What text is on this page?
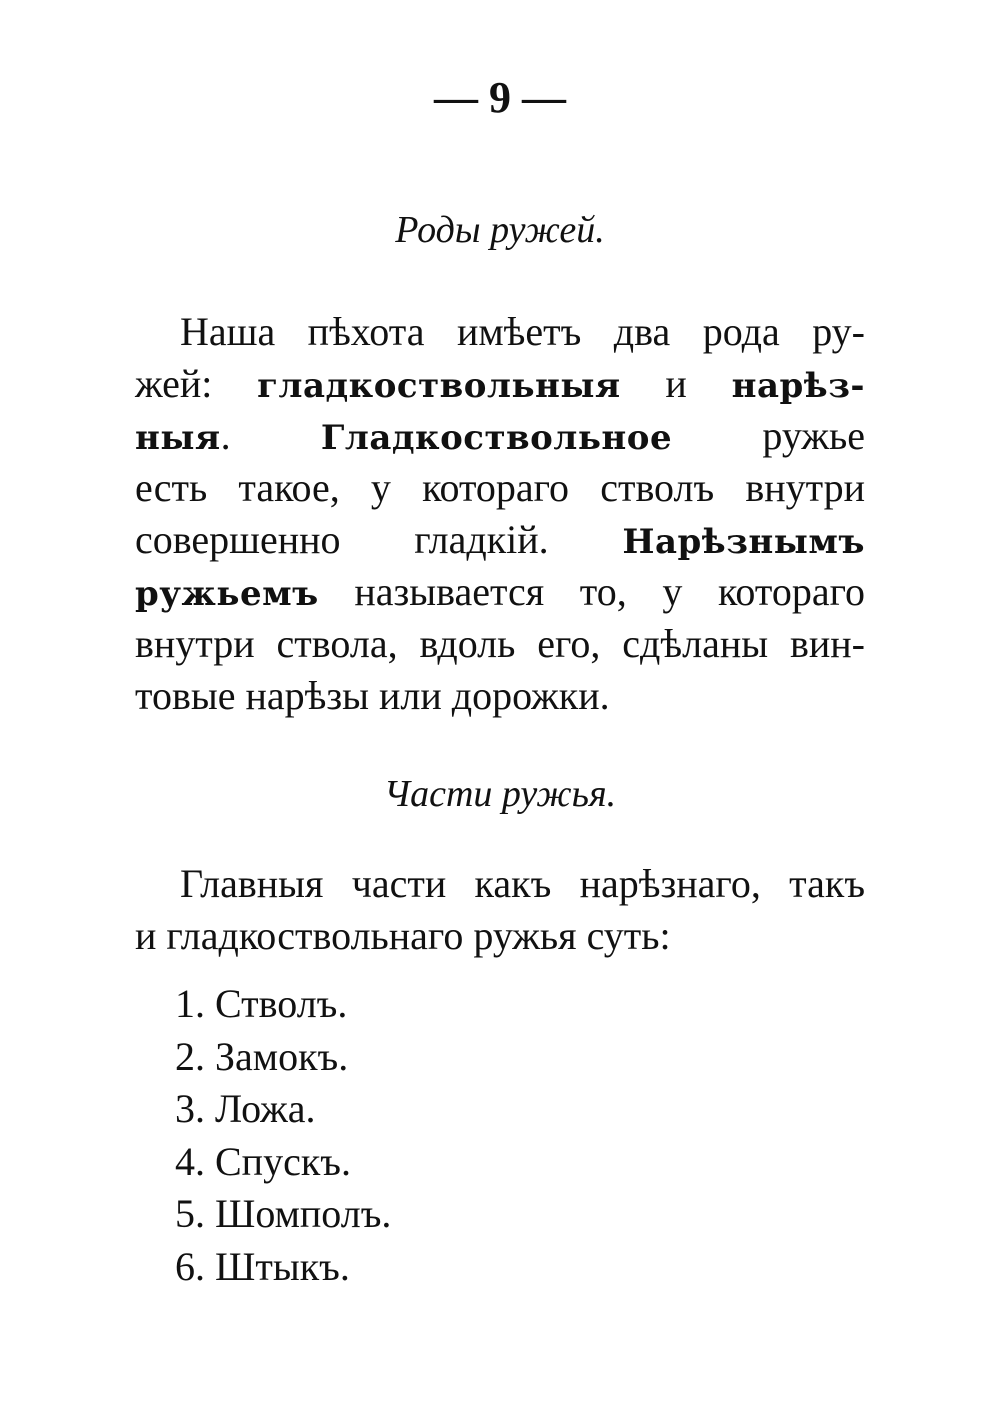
— 9 —
Роды ружей.
Наша пѣхота имѣетъ два рода ру-
жей: гладкоствольныя и нарѣз-
ныя. Гладкоствольное ружье
есть такое, у котораго стволъ внутри
совершенно гладкій. Нарѣзнымъ
ружьемъ называется то, у котораго
внутри ствола, вдоль его, сдѣланы вин-
товые нарѣзы или дорожки.
Части ружья.
Главныя части какъ нарѣзнаго, такъ
и гладкоствольнаго ружья суть:
1. Стволъ.
2. Замокъ.
3. Ложа.
4. Спускъ.
5. Шомполъ.
6. Штыкъ.
